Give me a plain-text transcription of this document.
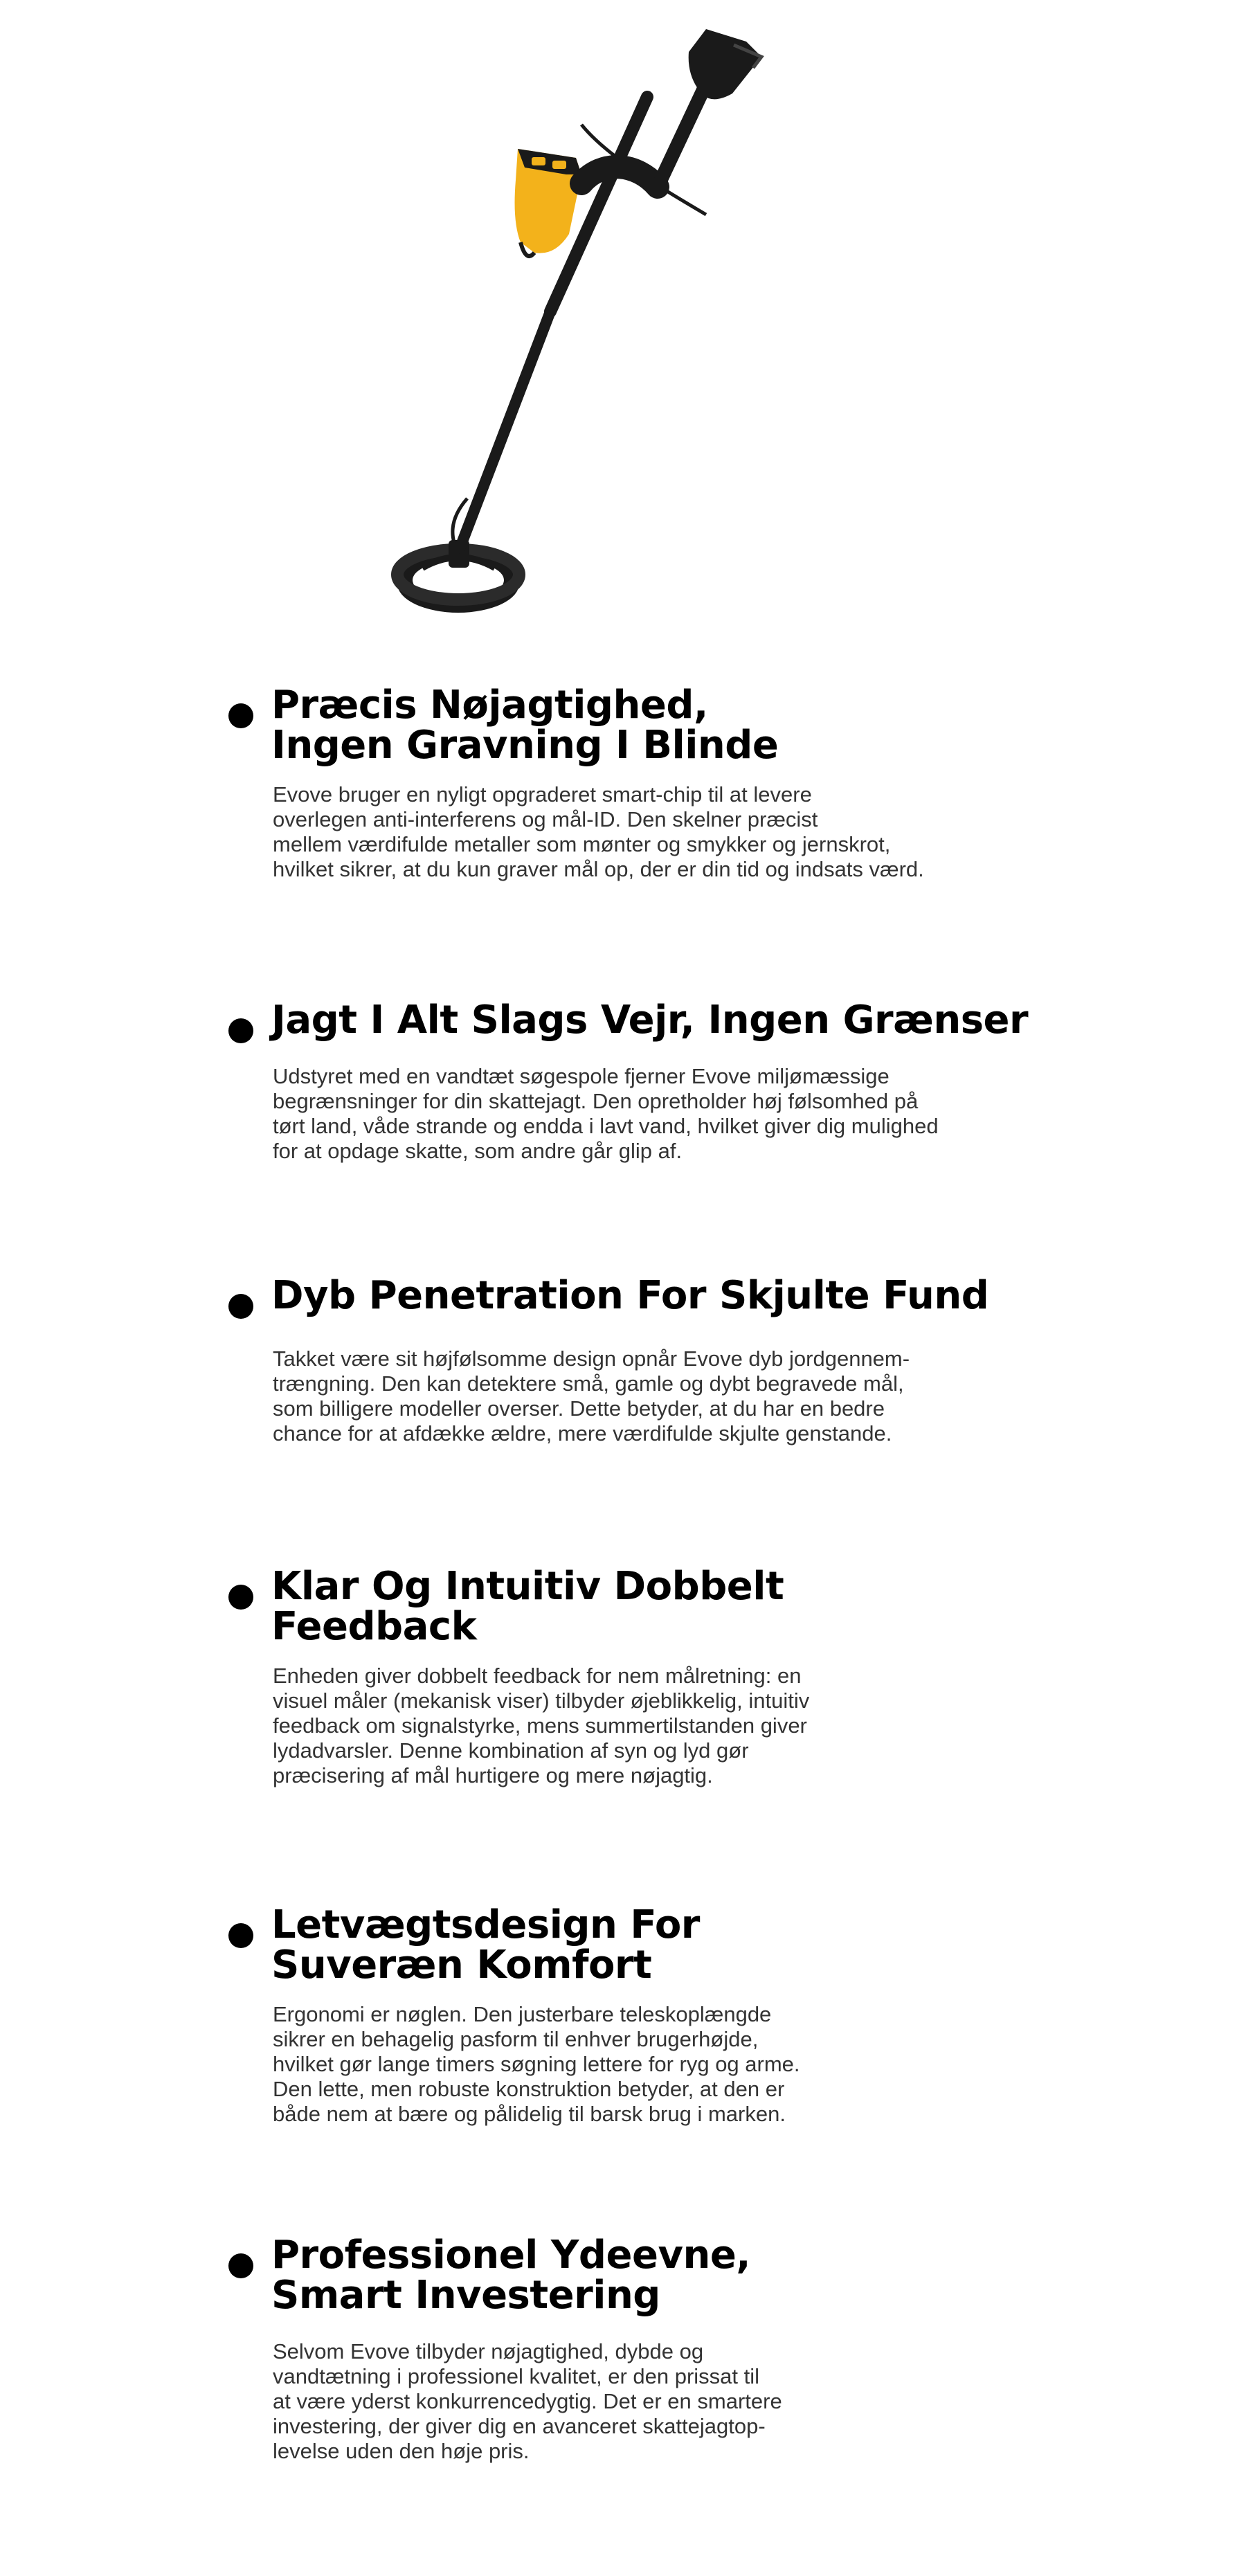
Præcis Nøjagtighed,
Ingen Gravning I Blinde

Evove bruger en nyligt opgraderet smart-chip til at levere
overlegen anti-interferens og mål-ID. Den skelner præcist
mellem værdifulde metaller som mønter og smykker og jernskrot,
hvilket sikrer, at du kun graver mål op, der er din tid og indsats værd.

Jagt I Alt Slags Vejr, Ingen Grænser

Udstyret med en vandtæt søgespole fjerner Evove miljømæssige
begrænsninger for din skattejagt. Den opretholder høj følsomhed på
tørt land, våde strande og endda i lavt vand, hvilket giver dig mulighed
for at opdage skatte, som andre går glip af.

Dyb Penetration For Skjulte Fund

Takket være sit højfølsomme design opnår Evove dyb jordgennem-
trængning. Den kan detektere små, gamle og dybt begravede mål,
som billigere modeller overser. Dette betyder, at du har en bedre
chance for at afdække ældre, mere værdifulde skjulte genstande.

Klar Og Intuitiv Dobbelt
Feedback

Enheden giver dobbelt feedback for nem målretning: en
visuel måler (mekanisk viser) tilbyder øjeblikkelig, intuitiv
feedback om signalstyrke, mens summertilstanden giver
lydadvarsler. Denne kombination af syn og lyd gør
præcisering af mål hurtigere og mere nøjagtig.

Letvægtsdesign For
Suveræn Komfort

Ergonomi er nøglen. Den justerbare teleskoplængde
sikrer en behagelig pasform til enhver brugerhøjde,
hvilket gør lange timers søgning lettere for ryg og arme.
Den lette, men robuste konstruktion betyder, at den er
både nem at bære og pålidelig til barsk brug i marken.

Professionel Ydeevne,
Smart Investering

Selvom Evove tilbyder nøjagtighed, dybde og
vandtætning i professionel kvalitet, er den prissat til
at være yderst konkurrencedygtig. Det er en smartere
investering, der giver dig en avanceret skattejagtop-
levelse uden den høje pris.
